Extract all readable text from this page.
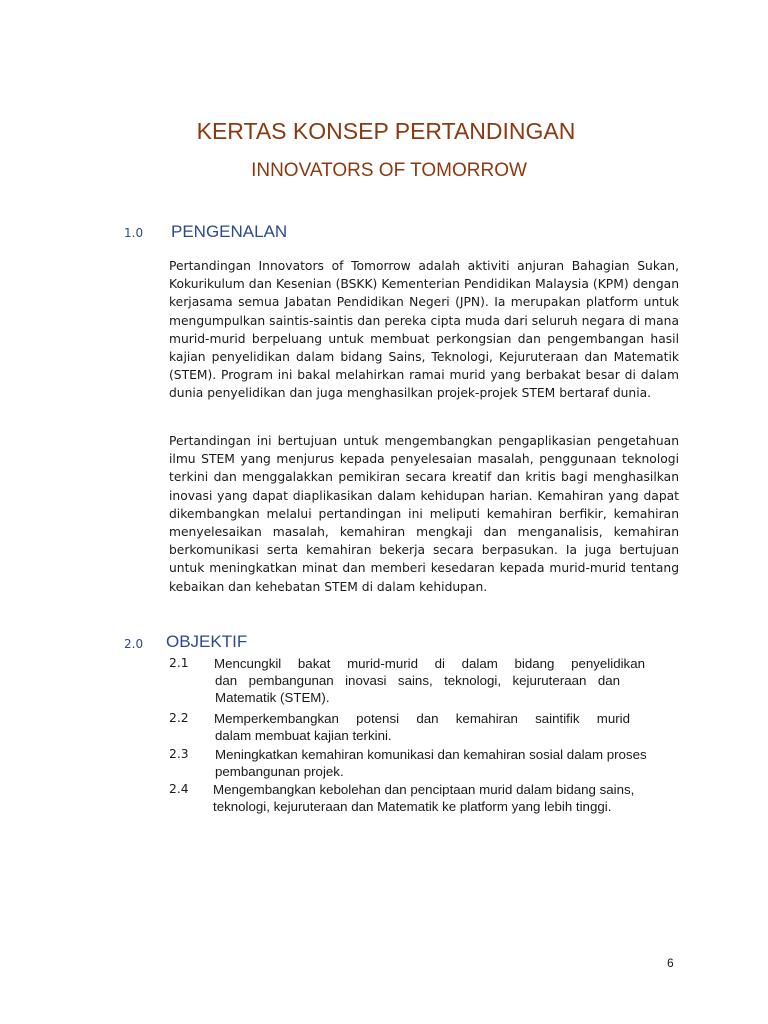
KERTAS KONSEP PERTANDINGAN
INNOVATORS OF TOMORROW
1.0 PENGENALAN
Pertandingan Innovators of Tomorrow adalah aktiviti anjuran Bahagian Sukan, Kokurikulum dan Kesenian (BSKK) Kementerian Pendidikan Malaysia (KPM) dengan kerjasama semua Jabatan Pendidikan Negeri (JPN). Ia merupakan platform untuk mengumpulkan saintis-saintis dan pereka cipta muda dari seluruh negara di mana murid-murid berpeluang untuk membuat perkongsian dan pengembangan hasil kajian penyelidikan dalam bidang Sains, Teknologi, Kejuruteraan dan Matematik (STEM). Program ini bakal melahirkan ramai murid yang berbakat besar di dalam dunia penyelidikan dan juga menghasilkan projek-projek STEM bertaraf dunia.
Pertandingan ini bertujuan untuk mengembangkan pengaplikasian pengetahuan ilmu STEM yang menjurus kepada penyelesaian masalah, penggunaan teknologi terkini dan menggalakkan pemikiran secara kreatif dan kritis bagi menghasilkan inovasi yang dapat diaplikasikan dalam kehidupan harian. Kemahiran yang dapat dikembangkan melalui pertandingan ini meliputi kemahiran berfikir, kemahiran menyelesaikan masalah, kemahiran mengkaji dan menganalisis, kemahiran berkomunikasi serta kemahiran bekerja secara berpasukan. Ia juga bertujuan untuk meningkatkan minat dan memberi kesedaran kepada murid-murid tentang kebaikan dan kehebatan STEM di dalam kehidupan.
2.0 OBJEKTIF
2.1 Mencungkil bakat murid-murid di dalam bidang penyelidikan
dan pembangunan inovasi sains, teknologi, kejuruteraan dan
Matematik (STEM).
2.2 Memperkembangkan potensi dan kemahiran saintifik murid
dalam membuat kajian terkini.
2.3 Meningkatkan kemahiran komunikasi dan kemahiran sosial dalam proses
pembangunan projek.
2.4 Mengembangkan kebolehan dan penciptaan murid dalam bidang sains,
teknologi, kejuruteraan dan Matematik ke platform yang lebih tinggi.
6
